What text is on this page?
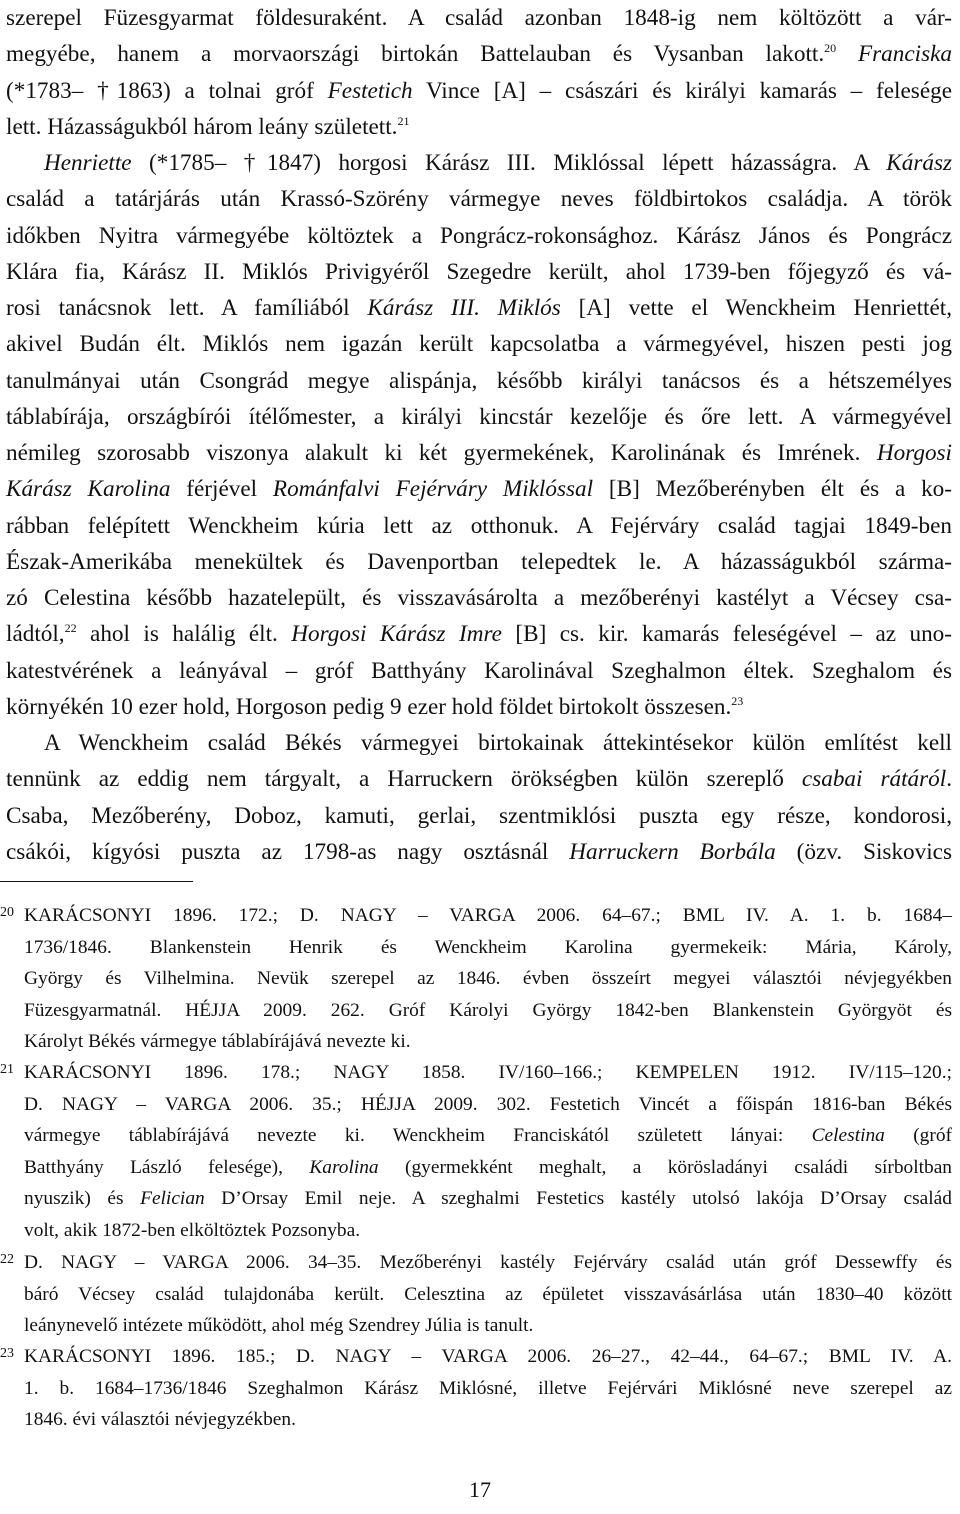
szerepel Füzesgyarmat földesuraként. A család azonban 1848-ig nem költözött a vár-
megyébe, hanem a morvaországi birtokán Battelauban és Vysanban lakott.$^{20}$ Franciska
(*1783– †1863) a tolnai gróf Festetich Vince [A] – császári és királyi kamarás – felesége
lett. Házasságukból három leány született.$^{21}$
Henriette (*1785– †1847) horgosi Kárász III. Miklóssal lépett házasságra. A Kárász
család a tatárjárás után Krassó-Szörény vármegye neves földbirtokos családja. A török
időkben Nyitra vármegyébe költöztek a Pongrácz-rokonsághoz. Kárász János és Pongrácz
Klára fia, Kárász II. Miklós Privigyéről Szegedre került, ahol 1739-ben főjegyző és vá-
rosi tanácsnok lett. A famíliából Kárász III. Miklós [A] vette el Wenckheim Henriettét,
akivel Budán élt. Miklós nem igazán került kapcsolatba a vármegyével, hiszen pesti jog
tanulmányai után Csongrád megye alispánja, később királyi tanácsos és a hétszemélyes
táblabírája, országbírói ítélőmester, a királyi kincstár kezelője és őre lett. A vármegyével
némileg szorosabb viszonya alakult ki két gyermekének, Karolinának és Imrének. Horgosi
Kárász Karolina férjével Románfalvi Fejérváry Miklóssal [B] Mezőberényben élt és a ko-
rábban felépített Wenckheim kúria lett az otthonuk. A Fejérváry család tagjai 1849-ben
Észak-Amerikába menekültek és Davenportban telepedtek le. A házasságukból szárma-
zó Celestina később hazatelepült, és visszavásárolta a mezőberényi kastélyt a Vécsey csa-
ládtól,$^{22}$ ahol is halálig élt. Horgosi Kárász Imre [B] cs. kir. kamarás feleségével – az uno-
katestvérének a leányával – gróf Batthyány Karolinával Szeghalmon éltek. Szeghalom és
környékén 10 ezer hold, Horgoson pedig 9 ezer hold földet birtokolt összesen.$^{23}$
A Wenckheim család Békés vármegyei birtokainak áttekintésekor külön említést kell
tennünk az eddig nem tárgyalt, a Harruckern örökségben külön szereplő csabai rátáról.
Csaba, Mezőberény, Doboz, kamuti, gerlai, szentmiklósi puszta egy része, kondorosi,
csákói, kígyósi puszta az 1798-as nagy osztásnál Harruckern Borbála (özv. Siskovics
20 KARÁCSONYI 1896. 172.; D. NAGY – VARGA 2006. 64–67.; BML IV. A. 1. b. 1684–
1736/1846. Blankenstein Henrik és Wenckheim Karolina gyermekeik: Mária, Károly,
György és Vilhelmina. Nevük szerepel az 1846. évben összeírt megyei választói névjegyékben
Füzesgyarmatnál. HÉJJA 2009. 262. Gróf Károlyi György 1842-ben Blankenstein Györgyöt és
Károlyt Békés vármegye táblabírájává nevezte ki.
21 KARÁCSONYI 1896. 178.; NAGY 1858. IV/160–166.; KEMPELEN 1912. IV/115–120.;
D. NAGY – VARGA 2006. 35.; HÉJJA 2009. 302. Festetich Vincét a főispán 1816-ban Békés
vármegye táblabírájává nevezte ki. Wenckheim Franciskától született lányai: Celestina (gróf
Batthyány László felesége), Karolina (gyermekként meghalt, a körösladányi családi sírboltban
nyuszik) és Felician D’Orsay Emil neje. A szeghalmi Festetics kastély utolsó lakója D’Orsay család
volt, akik 1872-ben elköltöztek Pozsonyba.
22 D. NAGY – VARGA 2006. 34–35. Mezőberényi kastély Fejérváry család után gróf Dessewffy és
báró Vécsey család tulajdonába került. Celesztina az épületet visszavásárlása után 1830–40 között
leánynevelő intézete működött, ahol még Szendrey Júlia is tanult.
23 KARÁCSONYI 1896. 185.; D. NAGY – VARGA 2006. 26–27., 42–44., 64–67.; BML IV. A.
1. b. 1684–1736/1846 Szeghalmon Kárász Miklósné, illetve Fejérvári Miklósné neve szerepel az
1846. évi választói névjegyzékben.
17
